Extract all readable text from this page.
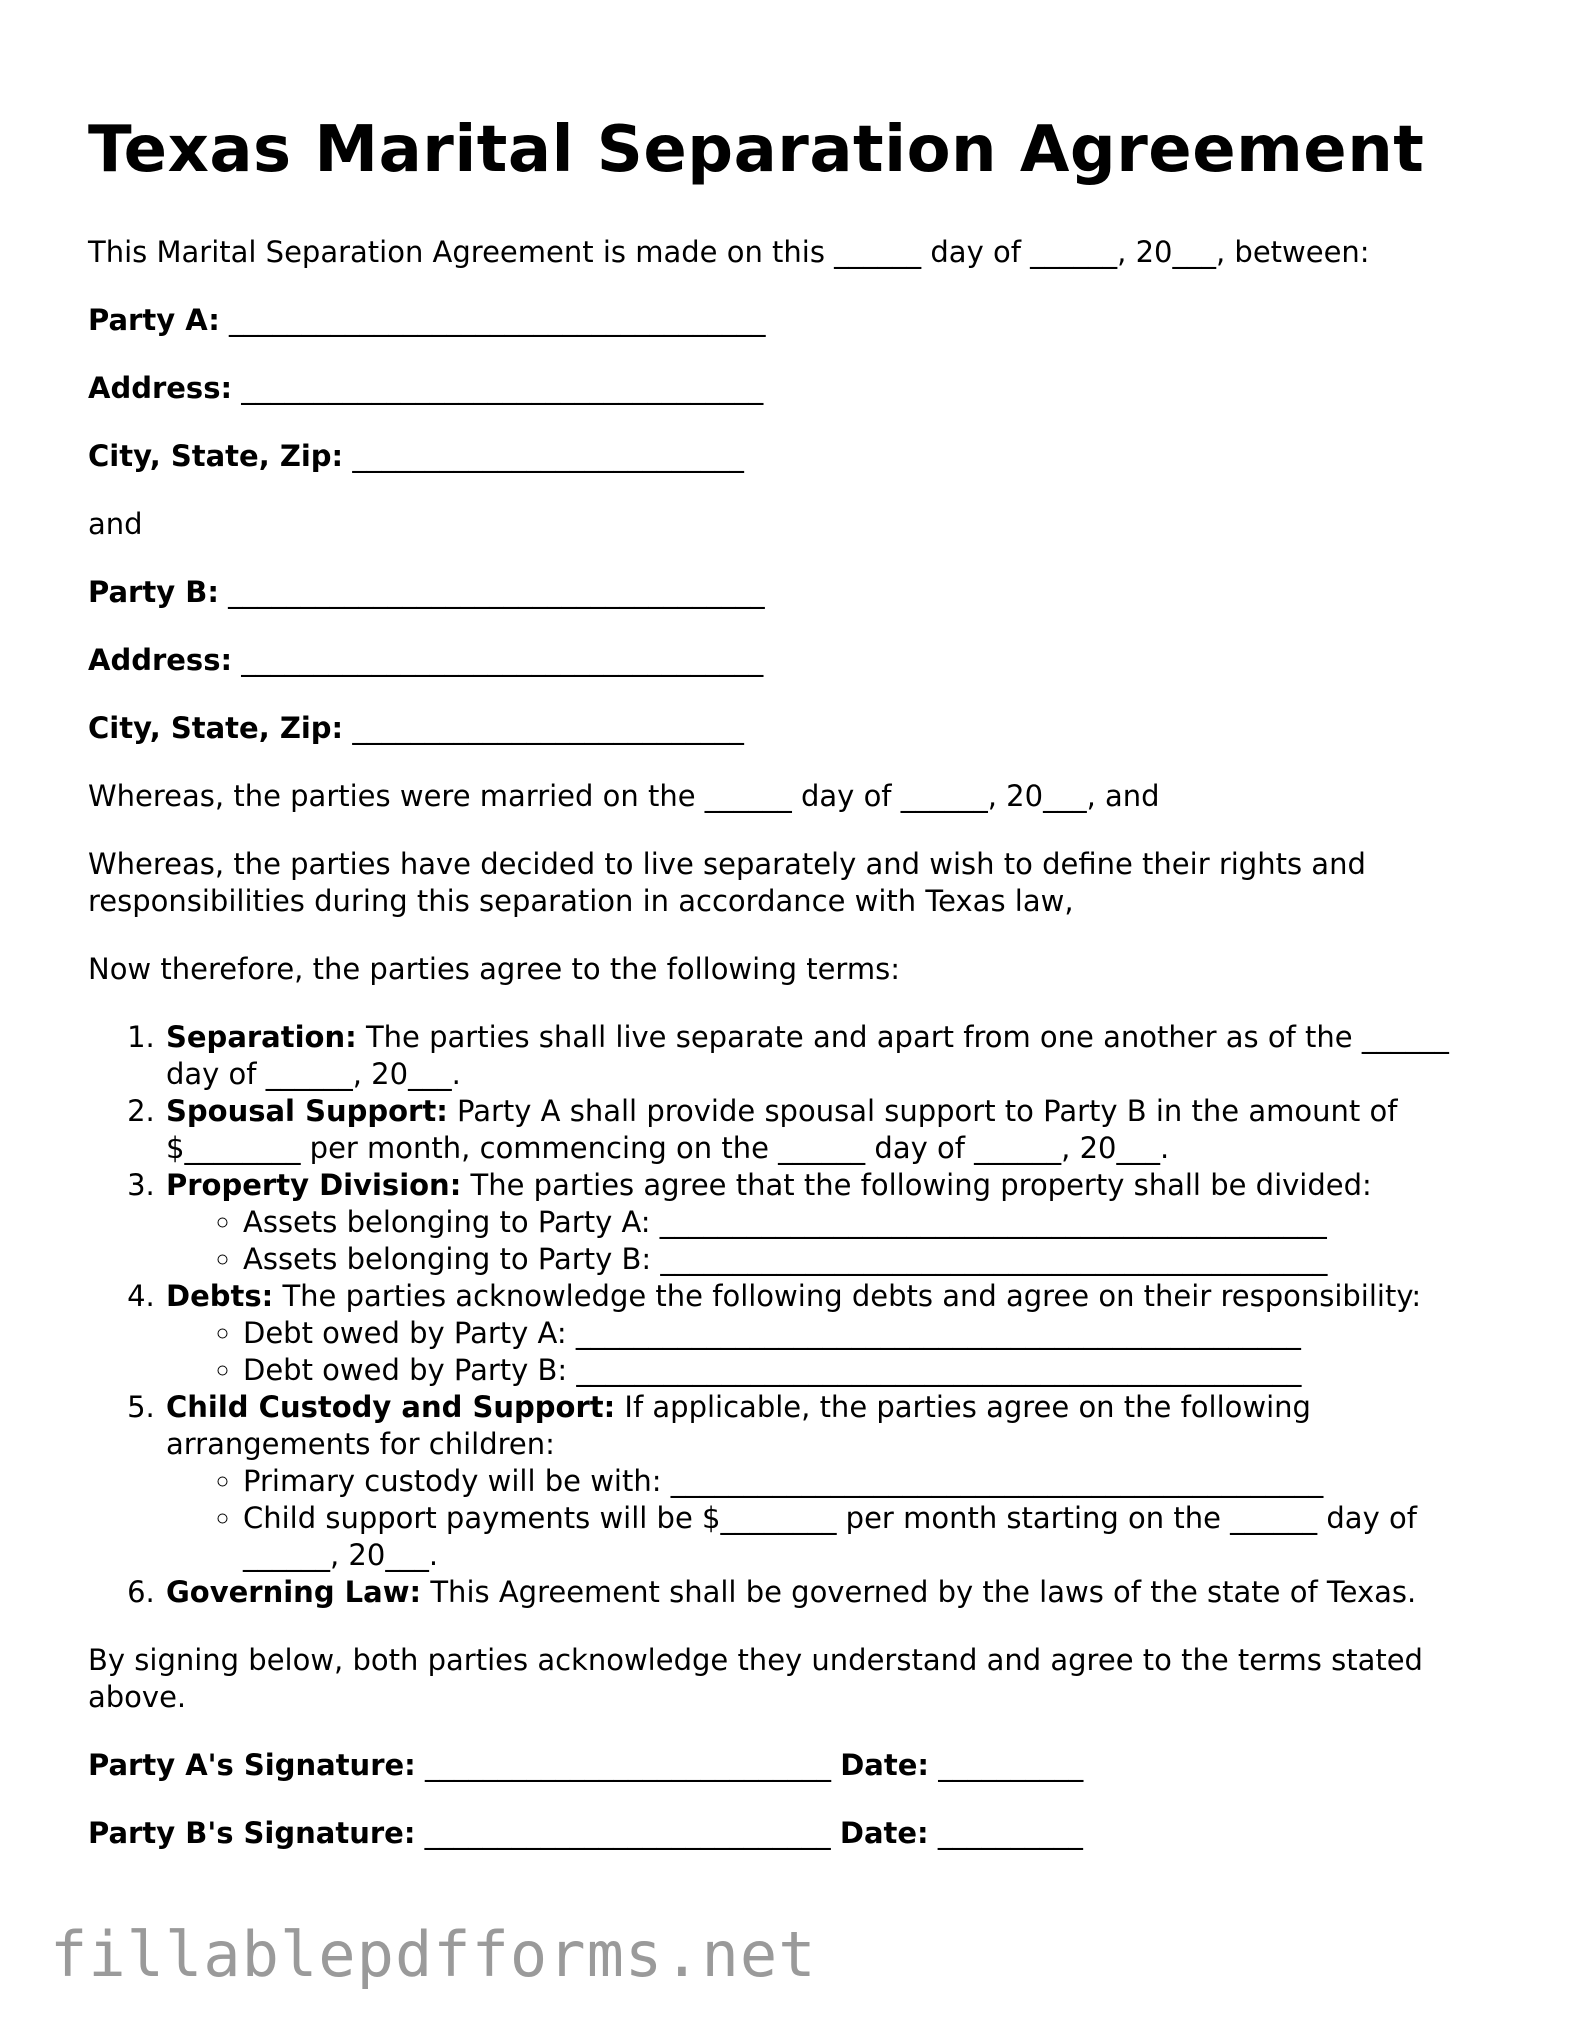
Texas Marital Separation Agreement

This Marital Separation Agreement is made on this ______ day of ______, 20___, between:

Party A: _____________________________________

Address: ____________________________________

City, State, Zip: ___________________________

and

Party B: _____________________________________

Address: ____________________________________

City, State, Zip: ___________________________

Whereas, the parties were married on the ______ day of ______, 20___, and

Whereas, the parties have decided to live separately and wish to define their rights and responsibilities during this separation in accordance with Texas law,

Now therefore, the parties agree to the following terms:

1. Separation: The parties shall live separate and apart from one another as of the ______ day of ______, 20___.
2. Spousal Support: Party A shall provide spousal support to Party B in the amount of $________ per month, commencing on the ______ day of ______, 20___.
3. Property Division: The parties agree that the following property shall be divided:
◦ Assets belonging to Party A: ______________________________________________
◦ Assets belonging to Party B: ______________________________________________
4. Debts: The parties acknowledge the following debts and agree on their responsibility:
◦ Debt owed by Party A: __________________________________________________
◦ Debt owed by Party B: __________________________________________________
5. Child Custody and Support: If applicable, the parties agree on the following arrangements for children:
◦ Primary custody will be with: _____________________________________________
◦ Child support payments will be $________ per month starting on the ______ day of ______, 20___.
6. Governing Law: This Agreement shall be governed by the laws of the state of Texas.

By signing below, both parties acknowledge they understand and agree to the terms stated above.

Party A's Signature: ____________________________ Date: __________

Party B's Signature: ____________________________ Date: __________

fillablepdfforms.net
